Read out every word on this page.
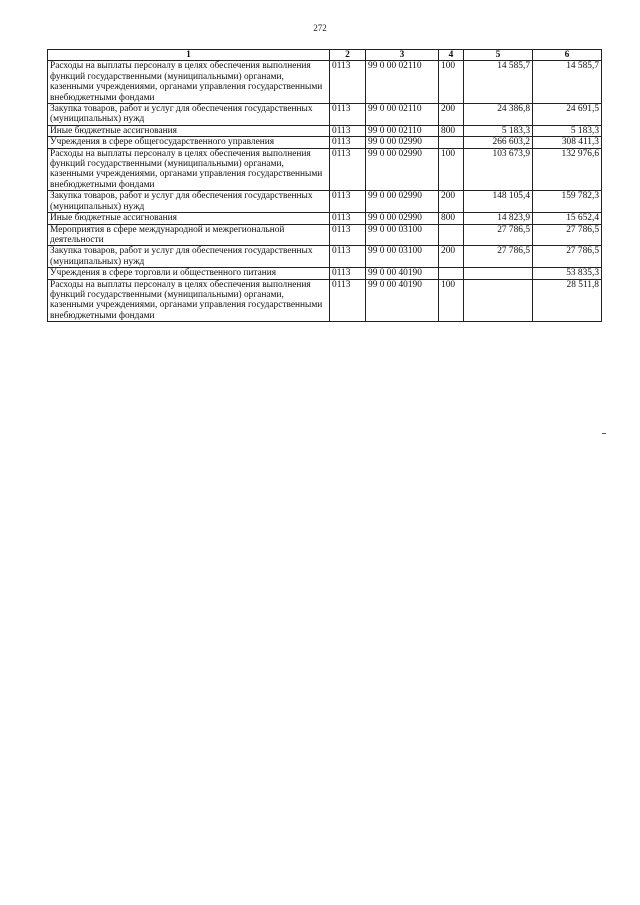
272
1	2	3	4	5	6
Расходы на выплаты персоналу в целях обеспечения выполнения функций государственными (муниципальными) органами, казенными учреждениями, органами управления государственными внебюджетными фондами	0113	99 0 00 02110	100	14 585,7	14 585,7
Закупка товаров, работ и услуг для обеспечения государственных (муниципальных) нужд	0113	99 0 00 02110	200	24 386,8	24 691,5
Иные бюджетные ассигнования	0113	99 0 00 02110	800	5 183,3	5 183,3
Учреждения в сфере общегосударственного управления	0113	99 0 00 02990		266 603,2	308 411,3
Расходы на выплаты персоналу в целях обеспечения выполнения функций государственными (муниципальными) органами, казенными учреждениями, органами управления государственными внебюджетными фондами	0113	99 0 00 02990	100	103 673,9	132 976,6
Закупка товаров, работ и услуг для обеспечения государственных (муниципальных) нужд	0113	99 0 00 02990	200	148 105,4	159 782,3
Иные бюджетные ассигнования	0113	99 0 00 02990	800	14 823,9	15 652,4
Мероприятия в сфере международной и межрегиональной деятельности	0113	99 0 00 03100		27 786,5	27 786,5
Закупка товаров, работ и услуг для обеспечения государственных (муниципальных) нужд	0113	99 0 00 03100	200	27 786,5	27 786,5
Учреждения в сфере торговли и общественного питания	0113	99 0 00 40190			53 835,3
Расходы на выплаты персоналу в целях обеспечения выполнения функций государственными (муниципальными) органами, казенными учреждениями, органами управления государственными внебюджетными фондами	0113	99 0 00 40190	100		28 511,8
